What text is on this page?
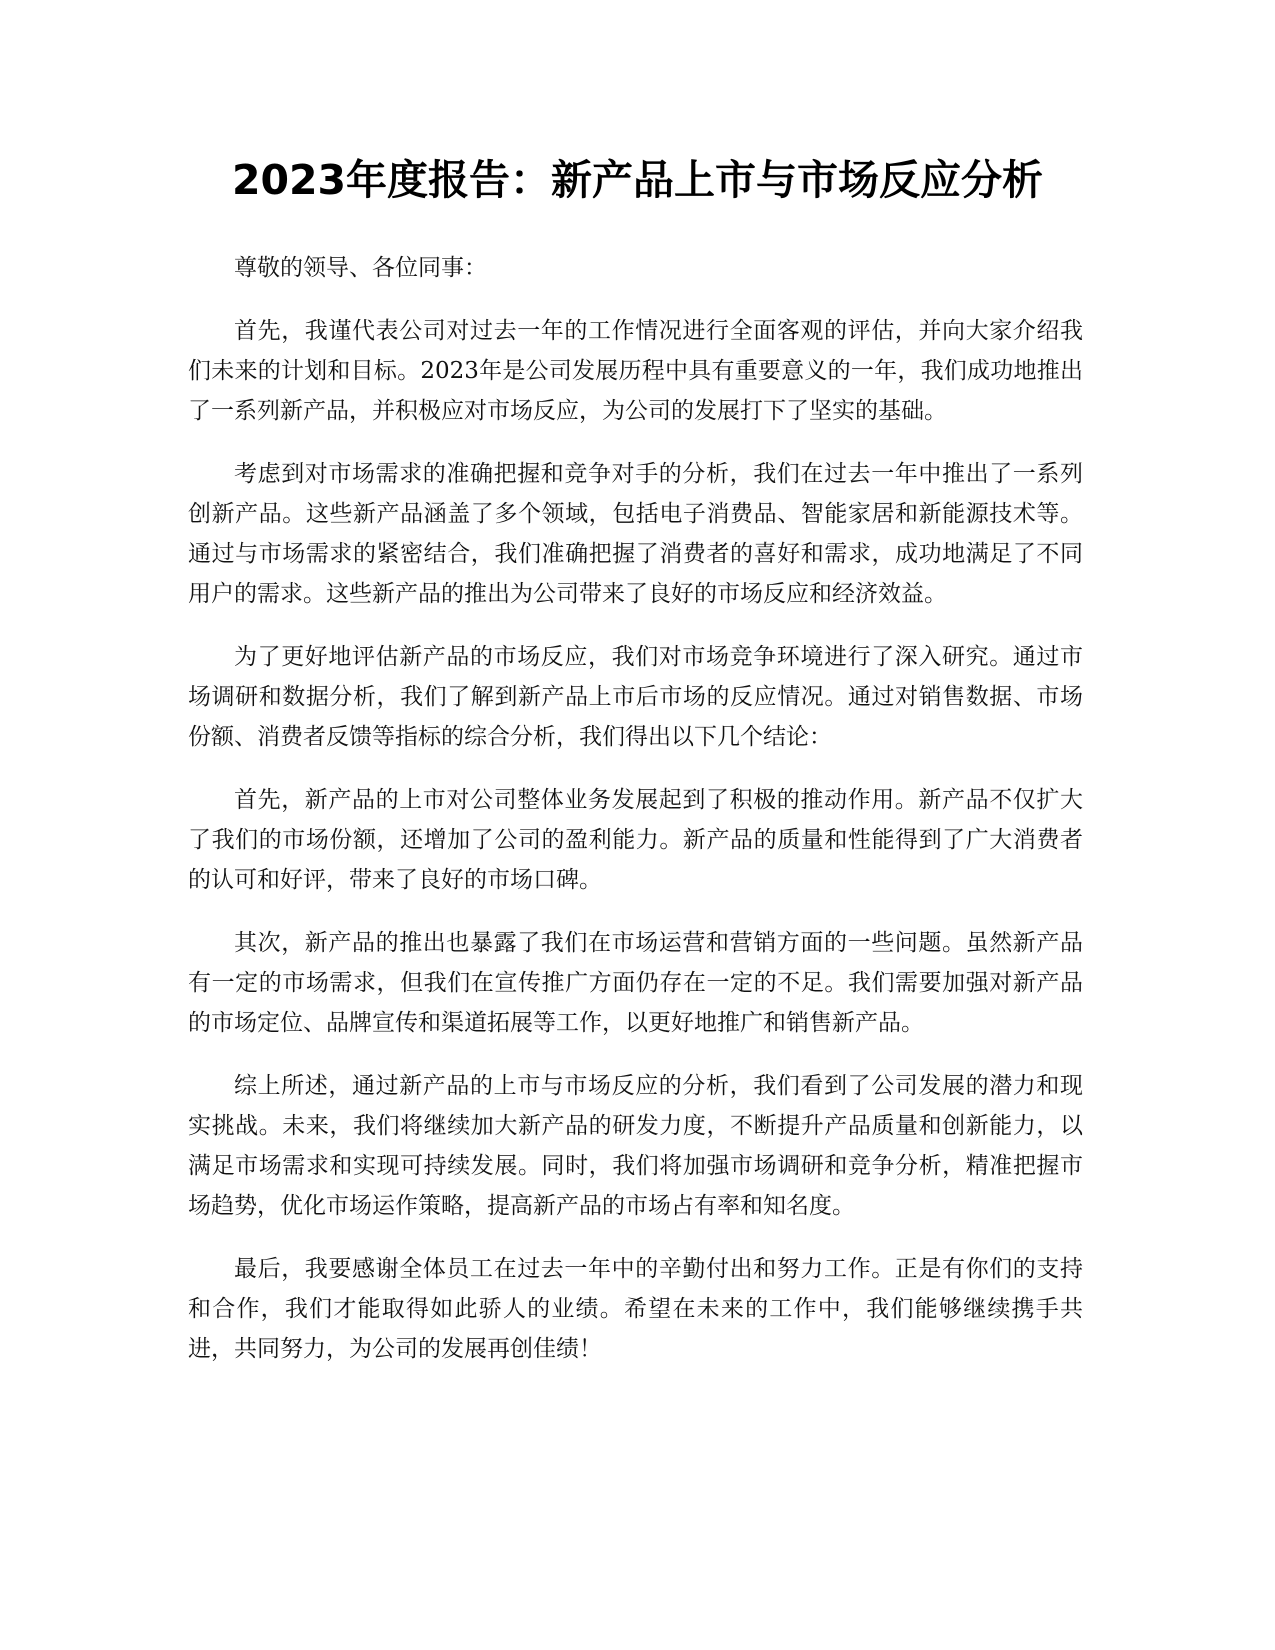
2023年度报告：新产品上市与市场反应分析

尊敬的领导、各位同事：

首先，我谨代表公司对过去一年的工作情况进行全面客观的评估，并向大家介绍我们未来的计划和目标。2023年是公司发展历程中具有重要意义的一年，我们成功地推出了一系列新产品，并积极应对市场反应，为公司的发展打下了坚实的基础。

考虑到对市场需求的准确把握和竞争对手的分析，我们在过去一年中推出了一系列创新产品。这些新产品涵盖了多个领域，包括电子消费品、智能家居和新能源技术等。通过与市场需求的紧密结合，我们准确把握了消费者的喜好和需求，成功地满足了不同用户的需求。这些新产品的推出为公司带来了良好的市场反应和经济效益。

为了更好地评估新产品的市场反应，我们对市场竞争环境进行了深入研究。通过市场调研和数据分析，我们了解到新产品上市后市场的反应情况。通过对销售数据、市场份额、消费者反馈等指标的综合分析，我们得出以下几个结论：

首先，新产品的上市对公司整体业务发展起到了积极的推动作用。新产品不仅扩大了我们的市场份额，还增加了公司的盈利能力。新产品的质量和性能得到了广大消费者的认可和好评，带来了良好的市场口碑。

其次，新产品的推出也暴露了我们在市场运营和营销方面的一些问题。虽然新产品有一定的市场需求，但我们在宣传推广方面仍存在一定的不足。我们需要加强对新产品的市场定位、品牌宣传和渠道拓展等工作，以更好地推广和销售新产品。

综上所述，通过新产品的上市与市场反应的分析，我们看到了公司发展的潜力和现实挑战。未来，我们将继续加大新产品的研发力度，不断提升产品质量和创新能力，以满足市场需求和实现可持续发展。同时，我们将加强市场调研和竞争分析，精准把握市场趋势，优化市场运作策略，提高新产品的市场占有率和知名度。

最后，我要感谢全体员工在过去一年中的辛勤付出和努力工作。正是有你们的支持和合作，我们才能取得如此骄人的业绩。希望在未来的工作中，我们能够继续携手共进，共同努力，为公司的发展再创佳绩！
